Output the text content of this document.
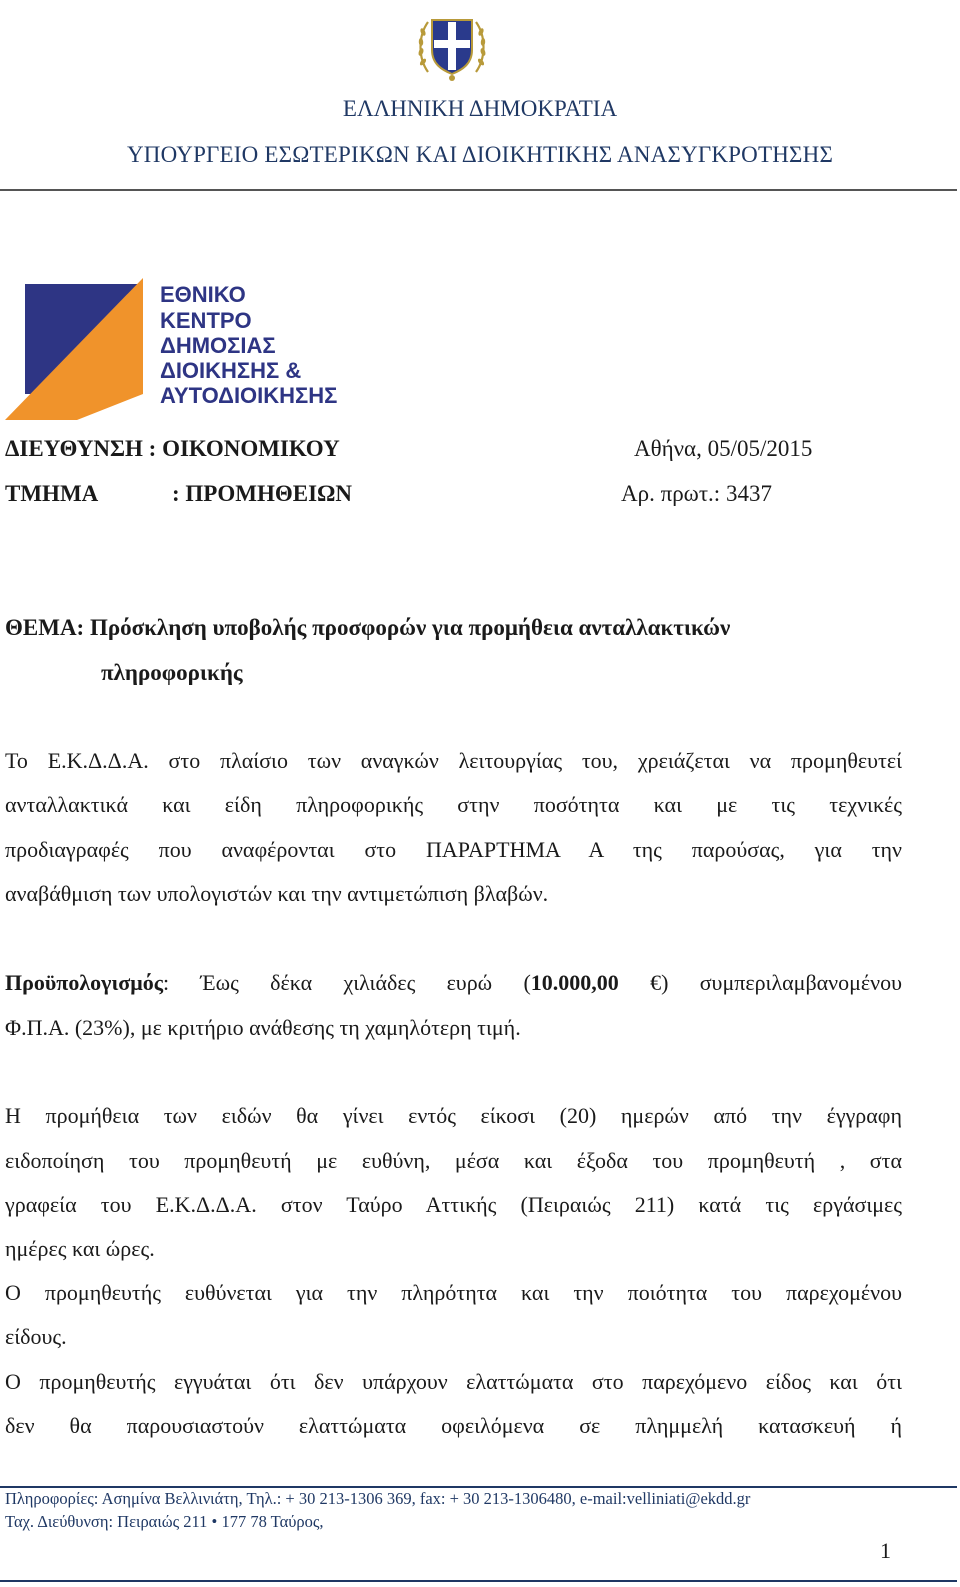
ΕΛΛΗΝΙΚΗ ΔΗΜΟΚΡΑΤΙΑ
ΥΠΟΥΡΓΕΙΟ ΕΣΩΤΕΡΙΚΩΝ ΚΑΙ ΔΙΟΙΚΗΤΙΚΗΣ ΑΝΑΣΥΓΚΡΟΤΗΣΗΣ
ΕΘΝΙΚΟ
ΚΕΝΤΡΟ
ΔΗΜΟΣΙΑΣ
ΔΙΟΙΚΗΣΗΣ &
ΑΥΤΟΔΙΟΙΚΗΣΗΣ
ΔΙΕΥΘΥΝΣΗ : ΟΙΚΟΝΟΜΙΚΟΥ	Αθήνα, 05/05/2015
ΤΜΗΜΑ	: ΠΡΟΜΗΘΕΙΩΝ	Αρ. πρωτ.: 3437
ΘΕΜΑ: Πρόσκληση υποβολής προσφορών για προμήθεια ανταλλακτικών
πληροφορικής
Το Ε.Κ.Δ.Δ.Α. στο πλαίσιο των αναγκών λειτουργίας του, χρειάζεται να προμηθευτεί
ανταλλακτικά και είδη πληροφορικής στην ποσότητα και με τις τεχνικές
προδιαγραφές που αναφέρονται στο ΠΑΡΑΡΤΗΜΑ Α της παρούσας, για την
αναβάθμιση των υπολογιστών και την αντιμετώπιση βλαβών.
Προϋπολογισμός: Έως δέκα χιλιάδες ευρώ (10.000,00 €) συμπεριλαμβανομένου
Φ.Π.Α. (23%), με κριτήριο ανάθεσης τη χαμηλότερη τιμή.
Η προμήθεια των ειδών θα γίνει εντός είκοσι (20) ημερών από την έγγραφη
ειδοποίηση του προμηθευτή με ευθύνη, μέσα και έξοδα του προμηθευτή , στα
γραφεία του Ε.Κ.Δ.Δ.Α. στον Ταύρο Αττικής (Πειραιώς 211) κατά τις εργάσιμες
ημέρες και ώρες.
Ο προμηθευτής ευθύνεται για την πληρότητα και την ποιότητα του παρεχομένου
είδους.
Ο προμηθευτής εγγυάται ότι δεν υπάρχουν ελαττώματα στο παρεχόμενο είδος και ότι
δεν θα παρουσιαστούν ελαττώματα οφειλόμενα σε πλημμελή κατασκευή ή
Πληροφορίες: Ασημίνα Βελλινιάτη, Τηλ.: + 30 213-1306 369, fax: + 30 213-1306480, e-mail:velliniati@ekdd.gr
Ταχ. Διεύθυνση: Πειραιώς 211 • 177 78 Ταύρος,
1
